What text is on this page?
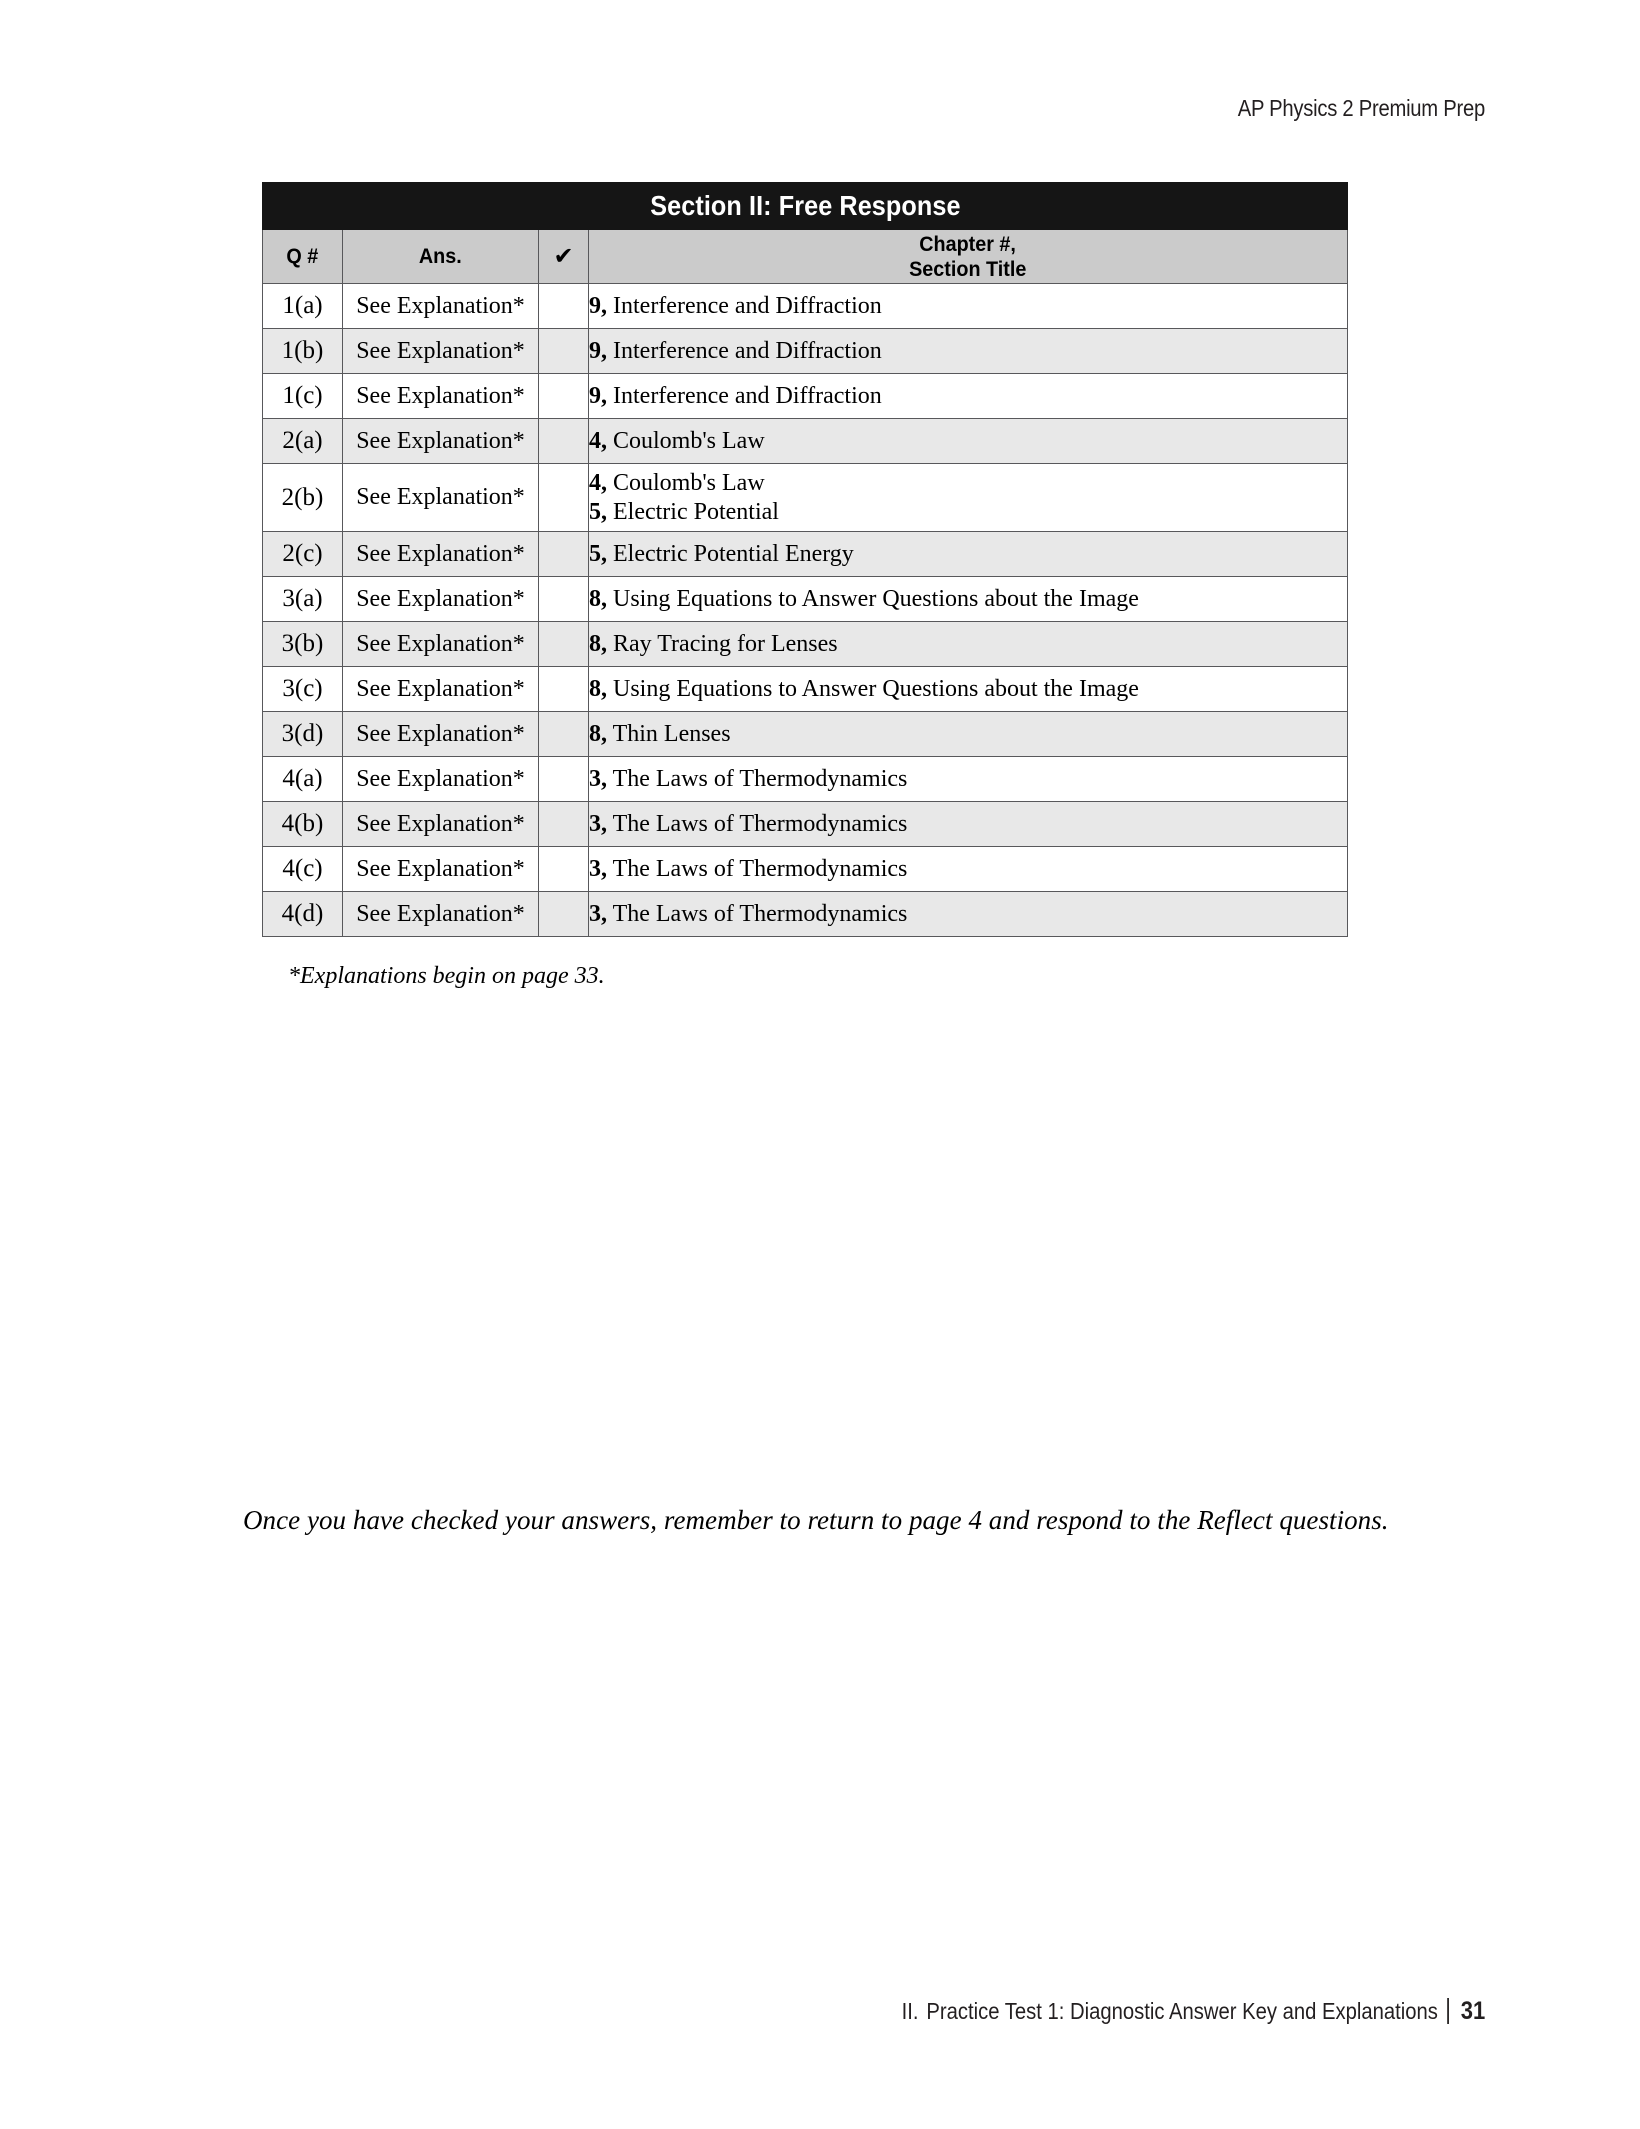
AP Physics 2 Premium Prep
Section II: Free Response			
Q #	Ans.	✔	Chapter #,
Section Title
1(a)	See Explanation*		9, Interference and Diffraction

1(b)	See Explanation*		9, Interference and Diffraction

1(c)	See Explanation*		9, Interference and Diffraction

2(a)	See Explanation*		4, Coulomb's Law

2(b)	See Explanation*		4, Coulomb's Law
5, Electric Potential

2(c)	See Explanation*		5, Electric Potential Energy

3(a)	See Explanation*		8, Using Equations to Answer Questions about the Image

3(b)	See Explanation*		8, Ray Tracing for Lenses

3(c)	See Explanation*		8, Using Equations to Answer Questions about the Image

3(d)	See Explanation*		8, Thin Lenses

4(a)	See Explanation*		3, The Laws of Thermodynamics

4(b)	See Explanation*		3, The Laws of Thermodynamics

4(c)	See Explanation*		3, The Laws of Thermodynamics

4(d)	See Explanation*		3, The Laws of Thermodynamics
*Explanations begin on page 33.
Once you have checked your answers, remember to return to page 4 and respond to the Reflect questions.
II. Practice Test 1: Diagnostic Answer Key and Explanations 31
